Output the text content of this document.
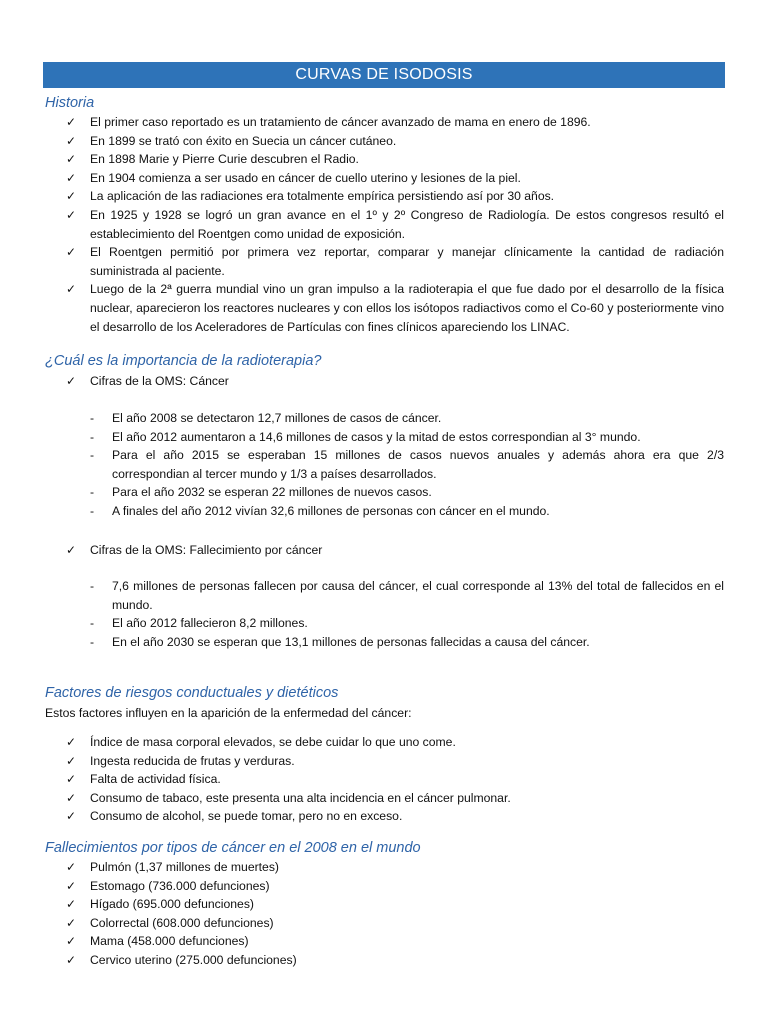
CURVAS DE ISODOSIS
Historia
✓ El primer caso reportado es un tratamiento de cáncer avanzado de mama en enero de 1896.
✓ En 1899 se trató con éxito en Suecia un cáncer cutáneo.
✓ En 1898 Marie y Pierre Curie descubren el Radio.
✓ En 1904 comienza a ser usado en cáncer de cuello uterino y lesiones de la piel.
✓ La aplicación de las radiaciones era totalmente empírica persistiendo así por 30 años.
✓ En 1925 y 1928 se logró un gran avance en el 1º y 2º Congreso de Radiología. De estos congresos resultó el establecimiento del Roentgen como unidad de exposición.
✓ El Roentgen permitió por primera vez reportar, comparar y manejar clínicamente la cantidad de radiación suministrada al paciente.
✓ Luego de la 2ª guerra mundial vino un gran impulso a la radioterapia el que fue dado por el desarrollo de la física nuclear, aparecieron los reactores nucleares y con ellos los isótopos radiactivos como el Co-60 y posteriormente vino el desarrollo de los Aceleradores de Partículas con fines clínicos apareciendo los LINAC.
¿Cuál es la importancia de la radioterapia?
✓ Cifras de la OMS: Cáncer
- El año 2008 se detectaron 12,7 millones de casos de cáncer.
- El año 2012 aumentaron a 14,6 millones de casos y la mitad de estos correspondian al 3° mundo.
- Para el año 2015 se esperaban 15 millones de casos nuevos anuales y además ahora era que 2/3 correspondian al tercer mundo y 1/3 a países desarrollados.
- Para el año 2032 se esperan 22 millones de nuevos casos.
- A finales del año 2012 vivían 32,6 millones de personas con cáncer en el mundo.
✓ Cifras de la OMS: Fallecimiento por cáncer
- 7,6 millones de personas fallecen por causa del cáncer, el cual corresponde al 13% del total de fallecidos en el mundo.
- El año 2012 fallecieron 8,2 millones.
- En el año 2030 se esperan que 13,1 millones de personas fallecidas a causa del cáncer.
Factores de riesgos conductuales y dietéticos
Estos factores influyen en la aparición de la enfermedad del cáncer:
✓ Índice de masa corporal elevados, se debe cuidar lo que uno come.
✓ Ingesta reducida de frutas y verduras.
✓ Falta de actividad física.
✓ Consumo de tabaco, este presenta una alta incidencia en el cáncer pulmonar.
✓ Consumo de alcohol, se puede tomar, pero no en exceso.
Fallecimientos por tipos de cáncer en el 2008 en el mundo
✓ Pulmón (1,37 millones de muertes)
✓ Estomago (736.000 defunciones)
✓ Hígado (695.000 defunciones)
✓ Colorrectal (608.000 defunciones)
✓ Mama (458.000 defunciones)
✓ Cervico uterino (275.000 defunciones)
